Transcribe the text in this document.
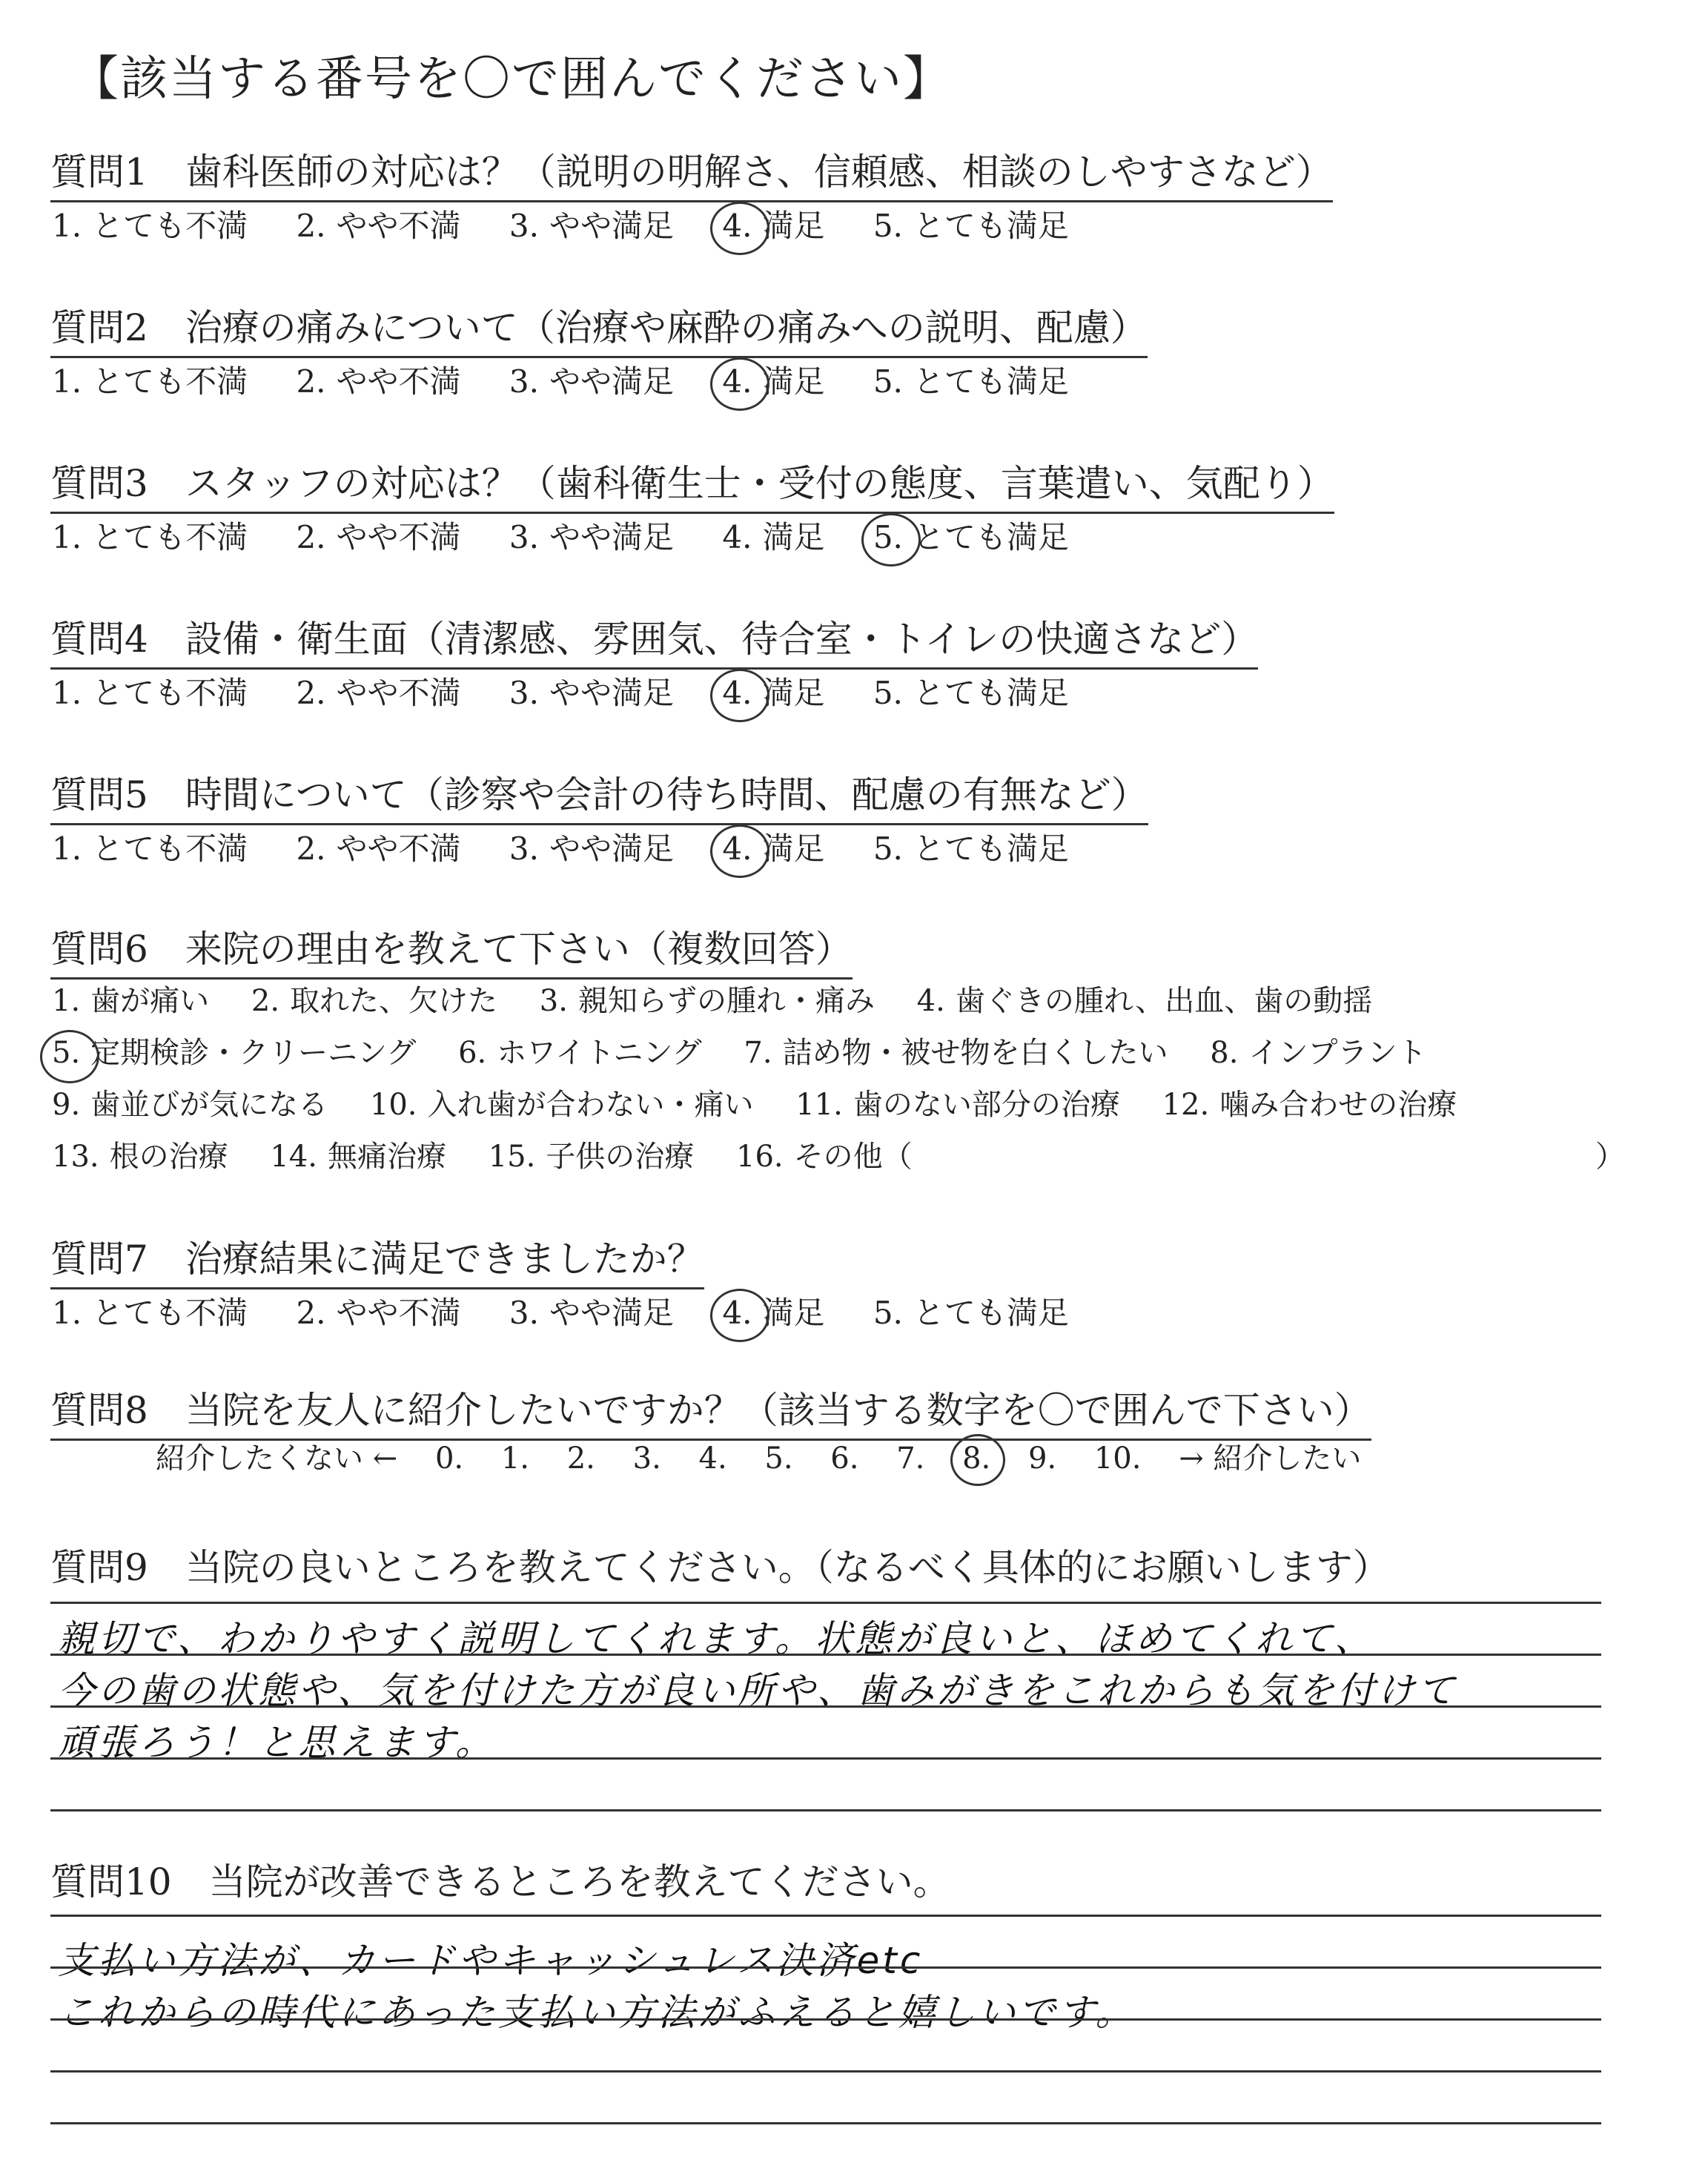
【該当する番号を〇で囲んでください】
質問1 歯科医師の対応は？（説明の明解さ、信頼感、相談のしやすさなど）
1. とても不満 2. やや不満 3. やや満足 4. 満足 5. とても満足
質問2 治療の痛みについて（治療や麻酔の痛みへの説明、配慮）
1. とても不満 2. やや不満 3. やや満足 4. 満足 5. とても満足
質問3 スタッフの対応は？（歯科衛生士・受付の態度、言葉遣い、気配り）
1. とても不満 2. やや不満 3. やや満足 4. 満足 5. とても満足
質問4 設備・衛生面（清潔感、雰囲気、待合室・トイレの快適さなど）
1. とても不満 2. やや不満 3. やや満足 4. 満足 5. とても満足
質問5 時間について（診察や会計の待ち時間、配慮の有無など）
1. とても不満 2. やや不満 3. やや満足 4. 満足 5. とても満足
質問6 来院の理由を教えて下さい（複数回答）
1. 歯が痛い 2. 取れた、欠けた 3. 親知らずの腫れ・痛み 4. 歯ぐきの腫れ、出血、歯の動揺
5. 定期検診・クリーニング 6. ホワイトニング 7. 詰め物・被せ物を白くしたい 8. インプラント
9. 歯並びが気になる 10. 入れ歯が合わない・痛い 11. 歯のない部分の治療 12. 噛み合わせの治療
13. 根の治療 14. 無痛治療 15. 子供の治療 16. その他（	）
質問7 治療結果に満足できましたか？
1. とても不満 2. やや不満 3. やや満足 4. 満足 5. とても満足
質問8 当院を友人に紹介したいですか？（該当する数字を〇で囲んで下さい）
紹介したくない ← 0. 1. 2. 3. 4. 5. 6. 7. 8. 9. 10. → 紹介したい
質問9 当院の良いところを教えてください。（なるべく具体的にお願いします）
親切で、わかりやすく説明してくれます。状態が良いと、ほめてくれて、
今の歯の状態や、気を付けた方が良い所や、歯みがきをこれからも気を付けて
頑張ろう！と思えます。
質問10 当院が改善できるところを教えてください。
支払い方法が、カードやキャッシュレス決済etc
これからの時代にあった支払い方法がふえると嬉しいです。
